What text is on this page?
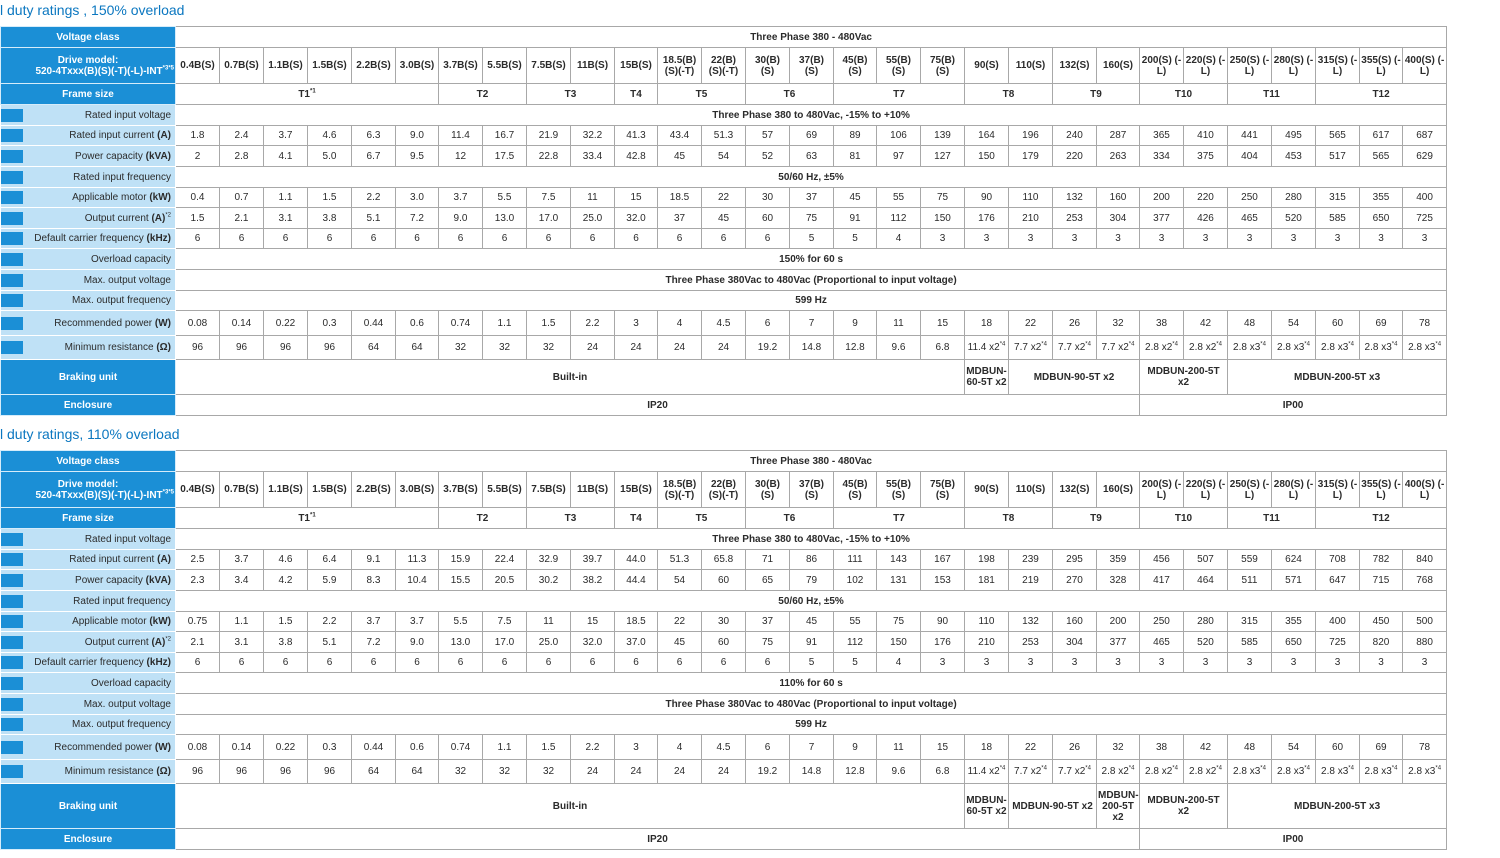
l duty ratings , 150% overload
Voltage class	Three Phase 380 - 480Vac																												

Drive model:
$520-4Txxx(B)(S)(-T)(-L)-INT^{*3*5}$	0.4B(S)	0.7B(S)	1.1B(S)	1.5B(S)	2.2B(S)	3.0B(S)	3.7B(S)	5.5B(S)	7.5B(S)	11B(S)	15B(S)	18.5(B) (S)(-T)	22(B) (S)(-T)	30(B) (S)	37(B) (S)	45(B) (S)	55(B) (S)	75(B) (S)	90(S)	110(S)	132(S)	160(S)	200(S) (-L)	220(S) (-L)	250(S) (-L)	280(S) (-L)	315(S) (-L)	355(S) (-L)	400(S) (-L)
Frame size	T1$^{*1}$						T2		T3		T4	T5		T6		T7			T8		T9		T10		T11		T12		

Rated input voltage	Three Phase 380 to 480Vac, -15% to +10%																												

Rated input current (A)	1.8	2.4	3.7	4.6	6.3	9.0	11.4	16.7	21.9	32.2	41.3	43.4	51.3	57	69	89	106	139	164	196	240	287	365	410	441	495	565	617	687

Power capacity (kVA)	2	2.8	4.1	5.0	6.7	9.5	12	17.5	22.8	33.4	42.8	45	54	52	63	81	97	127	150	179	220	263	334	375	404	453	517	565	629

Rated input frequency	50/60 Hz, ±5%																												

Applicable motor (kW)	0.4	0.7	1.1	1.5	2.2	3.0	3.7	5.5	7.5	11	15	18.5	22	30	37	45	55	75	90	110	132	160	200	220	250	280	315	355	400

Output current $(A)^{*2}$	1.5	2.1	3.1	3.8	5.1	7.2	9.0	13.0	17.0	25.0	32.0	37	45	60	75	91	112	150	176	210	253	304	377	426	465	520	585	650	725

Default carrier frequency (kHz)	6	6	6	6	6	6	6	6	6	6	6	6	6	6	5	5	4	3	3	3	3	3	3	3	3	3	3	3	3

Overload capacity	150% for 60 s																												

Max. output voltage	Three Phase 380Vac to 480Vac (Proportional to input voltage)																												

Max. output frequency	599 Hz																												

Recommended power (W)	0.08	0.14	0.22	0.3	0.44	0.6	0.74	1.1	1.5	2.2	3	4	4.5	6	7	9	11	15	18	22	26	32	38	42	48	54	60	69	78

Minimum resistance (Ω)	96	96	96	96	64	64	32	32	32	24	24	24	24	19.2	14.8	12.8	9.6	6.8	11.4 x2$^{*4}$	7.7 x2$^{*4}$	7.7 x2$^{*4}$	7.7 x2$^{*4}$	2.8 x2$^{*4}$	2.8 x2$^{*4}$	2.8 x3$^{*4}$	2.8 x3$^{*4}$	2.8 x3$^{*4}$	2.8 x3$^{*4}$	2.8 x3$^{*4}$
Braking unit	Built-in																		MDBUN-60-5T x2	MDBUN-90-5T x2			MDBUN-200-5T x2		MDBUN-200-5T x3				
Enclosure	IP20																						IP00						
l duty ratings, 110% overload
Voltage class	Three Phase 380 - 480Vac																												

Drive model:
$520-4Txxx(B)(S)(-T)(-L)-INT^{*3*5}$	0.4B(S)	0.7B(S)	1.1B(S)	1.5B(S)	2.2B(S)	3.0B(S)	3.7B(S)	5.5B(S)	7.5B(S)	11B(S)	15B(S)	18.5(B) (S)(-T)	22(B) (S)(-T)	30(B) (S)	37(B) (S)	45(B) (S)	55(B) (S)	75(B) (S)	90(S)	110(S)	132(S)	160(S)	200(S) (-L)	220(S) (-L)	250(S) (-L)	280(S) (-L)	315(S) (-L)	355(S) (-L)	400(S) (-L)
Frame size	T1$^{*1}$						T2		T3		T4	T5		T6		T7			T8		T9		T10		T11		T12		

Rated input voltage	Three Phase 380 to 480Vac, -15% to +10%																												

Rated input current (A)	2.5	3.7	4.6	6.4	9.1	11.3	15.9	22.4	32.9	39.7	44.0	51.3	65.8	71	86	111	143	167	198	239	295	359	456	507	559	624	708	782	840

Power capacity (kVA)	2.3	3.4	4.2	5.9	8.3	10.4	15.5	20.5	30.2	38.2	44.4	54	60	65	79	102	131	153	181	219	270	328	417	464	511	571	647	715	768

Rated input frequency	50/60 Hz, ±5%																												

Applicable motor (kW)	0.75	1.1	1.5	2.2	3.7	3.7	5.5	7.5	11	15	18.5	22	30	37	45	55	75	90	110	132	160	200	250	280	315	355	400	450	500

Output current $(A)^{*2}$	2.1	3.1	3.8	5.1	7.2	9.0	13.0	17.0	25.0	32.0	37.0	45	60	75	91	112	150	176	210	253	304	377	465	520	585	650	725	820	880

Default carrier frequency (kHz)	6	6	6	6	6	6	6	6	6	6	6	6	6	6	5	5	4	3	3	3	3	3	3	3	3	3	3	3	3

Overload capacity	110% for 60 s																												

Max. output voltage	Three Phase 380Vac to 480Vac (Proportional to input voltage)																												

Max. output frequency	599 Hz																												

Recommended power (W)	0.08	0.14	0.22	0.3	0.44	0.6	0.74	1.1	1.5	2.2	3	4	4.5	6	7	9	11	15	18	22	26	32	38	42	48	54	60	69	78

Minimum resistance (Ω)	96	96	96	96	64	64	32	32	32	24	24	24	24	19.2	14.8	12.8	9.6	6.8	11.4 x2$^{*4}$	7.7 x2$^{*4}$	7.7 x2$^{*4}$	2.8 x2$^{*4}$	2.8 x2$^{*4}$	2.8 x2$^{*4}$	2.8 x3$^{*4}$	2.8 x3$^{*4}$	2.8 x3$^{*4}$	2.8 x3$^{*4}$	2.8 x3$^{*4}$
Braking unit	Built-in																		MDBUN-60-5T x2	MDBUN-90-5T x2		MDBUN-200-5T x2	MDBUN-200-5T x2		MDBUN-200-5T x3				
Enclosure	IP20																						IP00						
